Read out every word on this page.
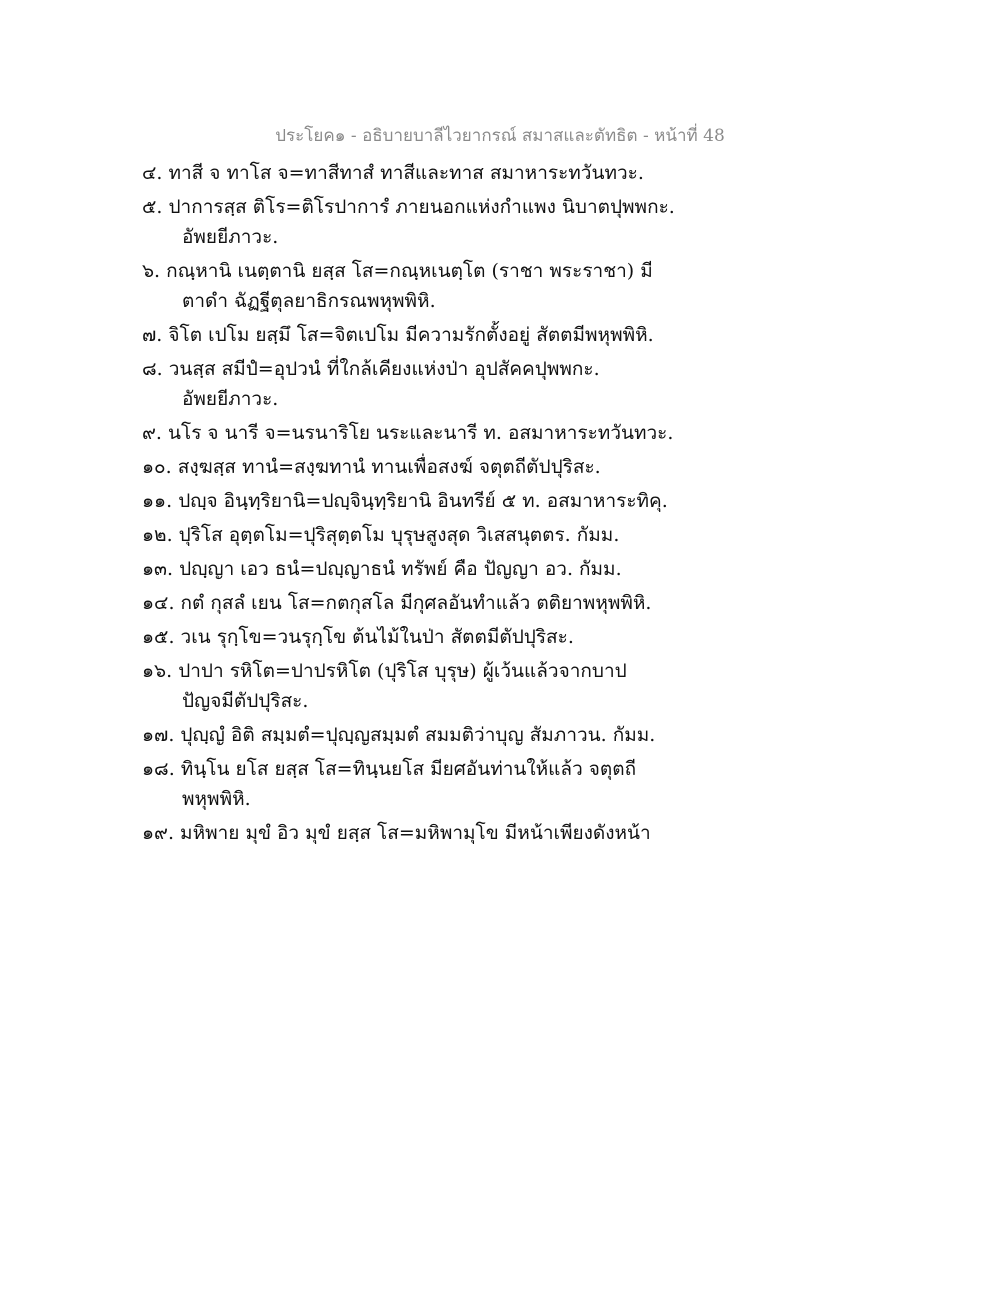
ประโยค๑ - อธิบายบาลีไวยากรณ์ สมาสและตัทธิต - หน้าที่ 48
๔. ทาสี จ ทาโส จ=ทาสีทาสํ ทาสีและทาส สมาหาระทวันทวะ.
๕. ปาการสฺส ติโร=ติโรปาการํ ภายนอกแห่งกำแพง นิบาตปุพพกะ.
อัพยยีภาวะ.
๖. กณฺหานิ เนตฺตานิ ยสฺส โส=กณฺหเนตฺโต (ราชา พระราชา) มี
ตาดำ ฉัฏฐีตุลยาธิกรณพหุพพิหิ.
๗. จิโต เปโม ยสฺมึ โส=จิตเปโม มีความรักตั้งอยู่ สัตตมีพหุพพิหิ.
๘. วนสฺส สมีปํ=อุปวนํ ที่ใกล้เคียงแห่งป่า อุปสัคคปุพพกะ.
อัพยยีภาวะ.
๙. นโร จ นารี จ=นรนาริโย นระและนารี ท. อสมาหาระทวันทวะ.
๑๐. สงฺฆสฺส ทานํ=สงฺฆทานํ ทานเพื่อสงฆ์ จตุตถีตัปปุริสะ.
๑๑. ปญฺจ อินฺทฺริยานิ=ปญฺจินฺทฺริยานิ อินทรีย์ ๕ ท. อสมาหาระทิคุ.
๑๒. ปุริโส อุตฺตโม=ปุริสุตฺตโม บุรุษสูงสุด วิเสสนุตตร. กัมม.
๑๓. ปญฺญา เอว ธนํ=ปญฺญาธนํ ทรัพย์ คือ ปัญญา อว. กัมม.
๑๔. กตํ กุสลํ เยน โส=กตกุสโล มีกุศลอันทำแล้ว ตติยาพหุพพิหิ.
๑๕. วเน รุกฺโข=วนรุกฺโข ต้นไม้ในป่า สัตตมีตัปปุริสะ.
๑๖. ปาปา รหิโต=ปาปรหิโต (ปุริโส บุรุษ) ผู้เว้นแล้วจากบาป
ปัญจมีตัปปุริสะ.
๑๗. ปุญฺญํ อิติ สมฺมตํ=ปุญฺญสมฺมตํ สมมติว่าบุญ สัมภาวน. กัมม.
๑๘. ทินฺโน ยโส ยสฺส โส=ทินฺนยโส มียศอันท่านให้แล้ว จตุตถี
พหุพพิหิ.
๑๙. มหิพาย มุขํ อิว มุขํ ยสฺส โส=มหิพามุโข มีหน้าเพียงดังหน้า
